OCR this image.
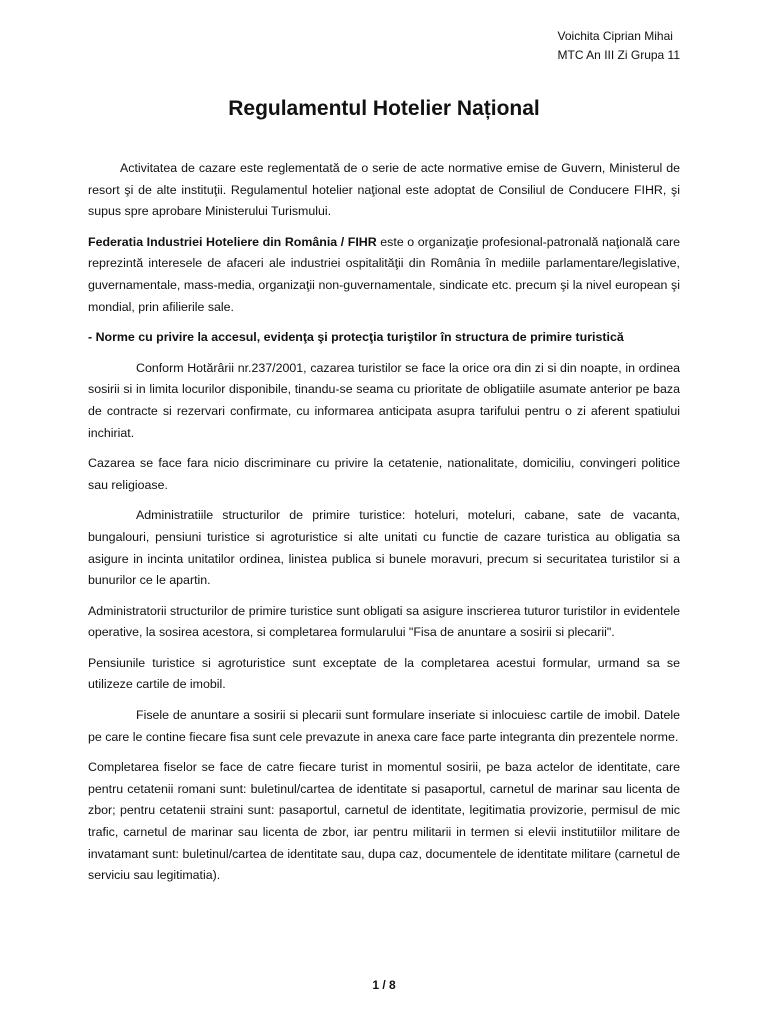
Voichita Ciprian Mihai
MTC An III Zi Grupa 11
Regulamentul Hotelier Național

Activitatea de cazare este reglementată de o serie de acte normative emise de Guvern, Ministerul de resort şi de alte instituţii. Regulamentul hotelier naţional este adoptat de Consiliul de Conducere FIHR, şi supus spre aprobare Ministerului Turismului.

Federatia Industriei Hoteliere din România / FIHR este o organizaţie profesional-patronală naţională care reprezintă interesele de afaceri ale industriei ospitalităţii din România în mediile parlamentare/legislative, guvernamentale, mass-media, organizaţii non-guvernamentale, sindicate etc. precum şi la nivel european şi mondial, prin afilierile sale.

- Norme cu privire la accesul, evidenţa şi protecţia turiştilor în structura de primire turistică

Conform Hotărârii nr.237/2001, cazarea turistilor se face la orice ora din zi si din noapte, in ordinea sosirii si in limita locurilor disponibile, tinandu-se seama cu prioritate de obligatiile asumate anterior pe baza de contracte si rezervari confirmate, cu informarea anticipata asupra tarifului pentru o zi aferent spatiului inchiriat.

Cazarea se face fara nicio discriminare cu privire la cetatenie, nationalitate, domiciliu, convingeri politice sau religioase.

Administratiile structurilor de primire turistice: hoteluri, moteluri, cabane, sate de vacanta, bungalouri, pensiuni turistice si agroturistice si alte unitati cu functie de cazare turistica au obligatia sa asigure in incinta unitatilor ordinea, linistea publica si bunele moravuri, precum si securitatea turistilor si a bunurilor ce le apartin.

Administratorii structurilor de primire turistice sunt obligati sa asigure inscrierea tuturor turistilor in evidentele operative, la sosirea acestora, si completarea formularului "Fisa de anuntare a sosirii si plecarii".

Pensiunile turistice si agroturistice sunt exceptate de la completarea acestui formular, urmand sa se utilizeze cartile de imobil.

Fisele de anuntare a sosirii si plecarii sunt formulare inseriate si inlocuiesc cartile de imobil. Datele pe care le contine fiecare fisa sunt cele prevazute in anexa care face parte integranta din prezentele norme.

Completarea fiselor se face de catre fiecare turist in momentul sosirii, pe baza actelor de identitate, care pentru cetatenii romani sunt: buletinul/cartea de identitate si pasaportul, carnetul de marinar sau licenta de zbor; pentru cetatenii straini sunt: pasaportul, carnetul de identitate, legitimatia provizorie, permisul de mic trafic, carnetul de marinar sau licenta de zbor, iar pentru militarii in termen si elevii institutiilor militare de invatamant sunt: buletinul/cartea de identitate sau, dupa caz, documentele de identitate militare (carnetul de serviciu sau legitimatia).

1 / 8
